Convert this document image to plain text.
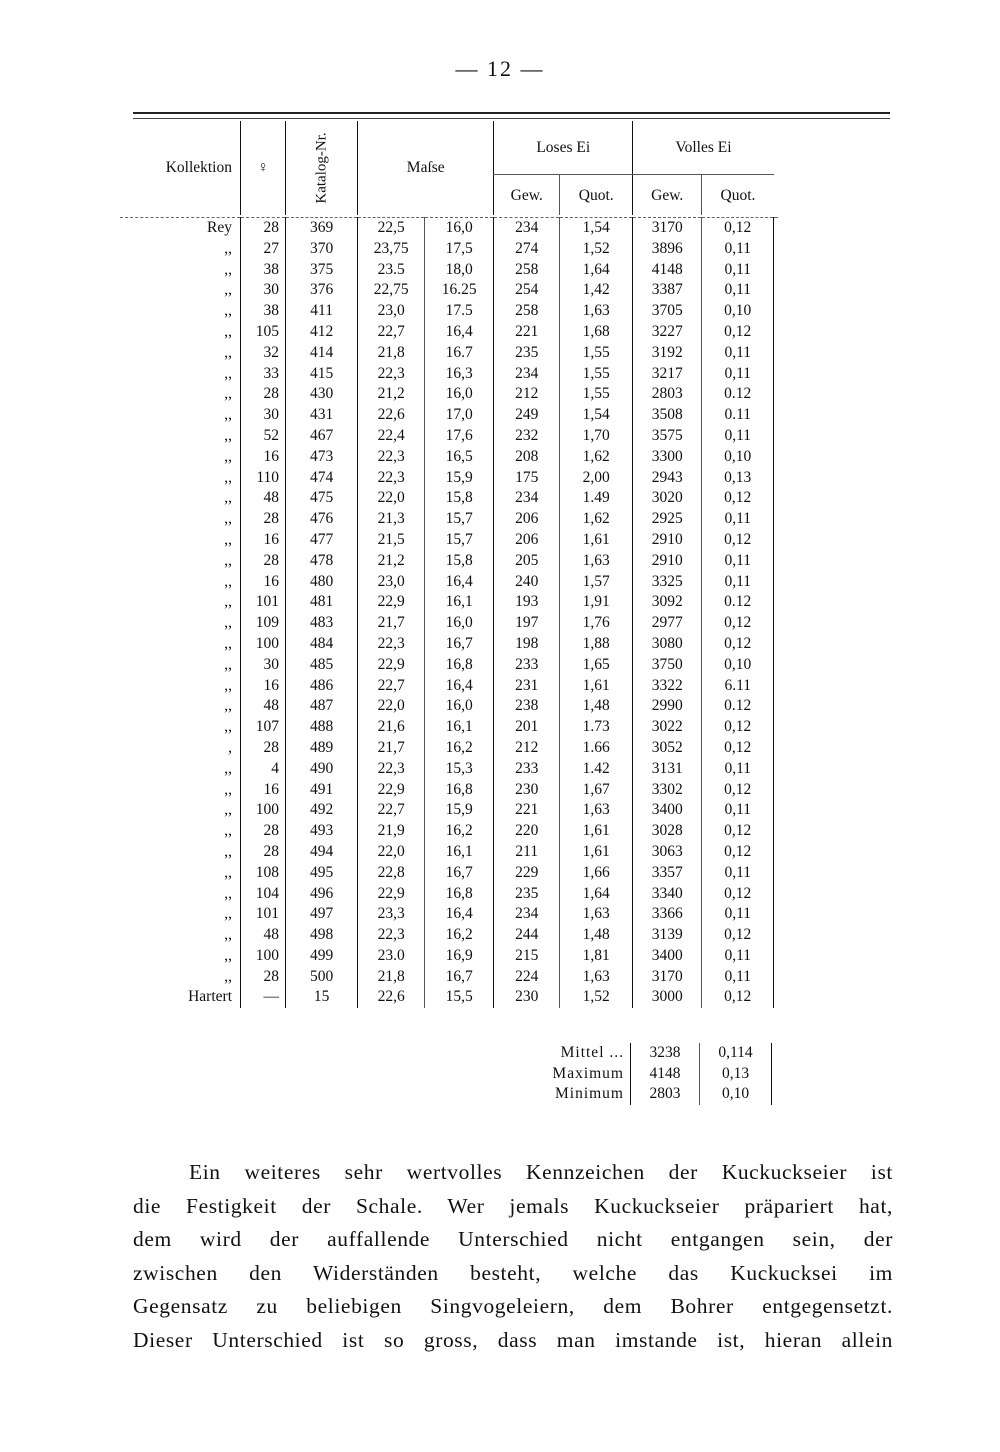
— 12 —
Kollektion	♀	Katalog-Nr.	Maſse		Loses Ei		Volles Ei		
					Gew.	Quot.	Gew.	Quot.	

Rey	28	369	22,5	16,0	234	1,54	3170	0,12	
,,	27	370	23,75	17,5	274	1,52	3896	0,11	
,,	38	375	23.5	18,0	258	1,64	4148	0,11	
,,	30	376	22,75	16.25	254	1,42	3387	0,11	
,,	38	411	23,0	17.5	258	1,63	3705	0,10	
,,	105	412	22,7	16,4	221	1,68	3227	0,12	
,,	32	414	21,8	16.7	235	1,55	3192	0,11	
,,	33	415	22,3	16,3	234	1,55	3217	0,11	
,,	28	430	21,2	16,0	212	1,55	2803	0.12	
,,	30	431	22,6	17,0	249	1,54	3508	0.11	
,,	52	467	22,4	17,6	232	1,70	3575	0,11	
,,	16	473	22,3	16,5	208	1,62	3300	0,10	
,,	110	474	22,3	15,9	175	2,00	2943	0,13	
,,	48	475	22,0	15,8	234	1.49	3020	0,12	
,,	28	476	21,3	15,7	206	1,62	2925	0,11	
,,	16	477	21,5	15,7	206	1,61	2910	0,12	
,,	28	478	21,2	15,8	205	1,63	2910	0,11	
,,	16	480	23,0	16,4	240	1,57	3325	0,11	
,,	101	481	22,9	16,1	193	1,91	3092	0.12	
,,	109	483	21,7	16,0	197	1,76	2977	0,12	
,,	100	484	22,3	16,7	198	1,88	3080	0,12	
,,	30	485	22,9	16,8	233	1,65	3750	0,10	
,,	16	486	22,7	16,4	231	1,61	3322	6.11	
,,	48	487	22,0	16,0	238	1,48	2990	0.12	
,,	107	488	21,6	16,1	201	1.73	3022	0,12	
,	28	489	21,7	16,2	212	1.66	3052	0,12	
,,	4	490	22,3	15,3	233	1.42	3131	0,11	
,,	16	491	22,9	16,8	230	1,67	3302	0,12	
,,	100	492	22,7	15,9	221	1,63	3400	0,11	
,,	28	493	21,9	16,2	220	1,61	3028	0,12	
,,	28	494	22,0	16,1	211	1,61	3063	0,12	
,,	108	495	22,8	16,7	229	1,66	3357	0,11	
,,	104	496	22,9	16,8	235	1,64	3340	0,12	
,,	101	497	23,3	16,4	234	1,63	3366	0,11	
,,	48	498	22,3	16,2	244	1,48	3139	0,12	
,,	100	499	23.0	16,9	215	1,81	3400	0,11	
,,	28	500	21,8	16,7	224	1,63	3170	0,11	
Hartert	—	15	22,6	15,5	230	1,52	3000	0,12	
Mittel ...	3238	0,114	
Maximum	4148	0,13	
Minimum	2803	0,10	
Ein weiteres sehr wertvolles Kennzeichen der Kuckuckseier ist
die Festigkeit der Schale. Wer jemals Kuckuckseier präpariert hat,
dem wird der auffallende Unterschied nicht entgangen sein, der
zwischen den Widerständen besteht, welche das Kuckucksei im
Gegensatz zu beliebigen Singvogeleiern, dem Bohrer entgegensetzt.
Dieser Unterschied ist so gross, dass man imstande ist, hieran allein
